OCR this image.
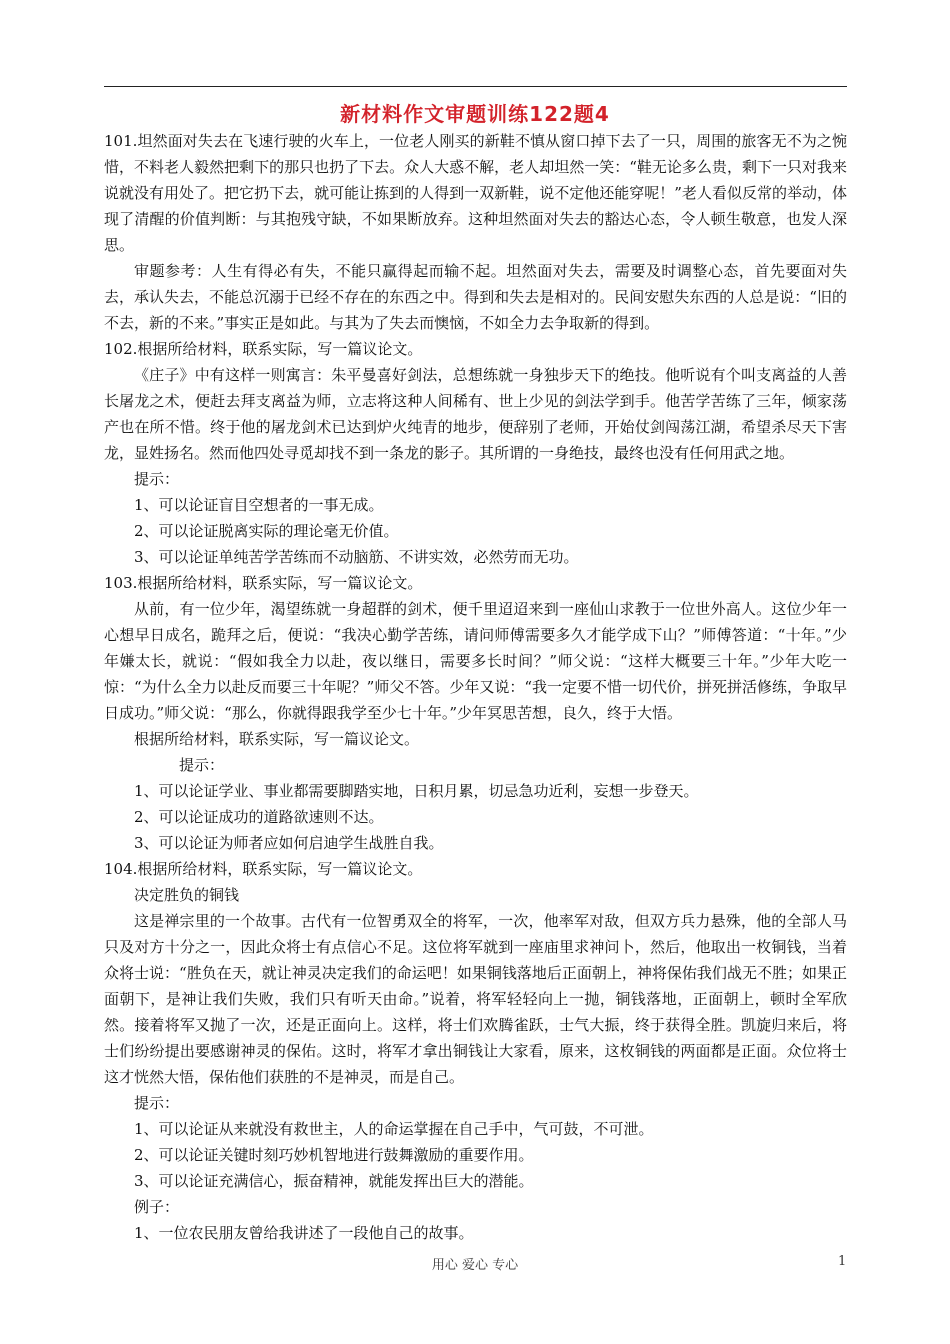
新材料作文审题训练122题4

101.坦然面对失去在飞速行驶的火车上，一位老人刚买的新鞋不慎从窗口掉下去了一只，周围的旅客无不为之惋惜，不料老人毅然把剩下的那只也扔了下去。众人大惑不解，老人却坦然一笑：“鞋无论多么贵，剩下一只对我来说就没有用处了。把它扔下去，就可能让拣到的人得到一双新鞋，说不定他还能穿呢！”老人看似反常的举动，体现了清醒的价值判断：与其抱残守缺，不如果断放弃。这种坦然面对失去的豁达心态，令人顿生敬意，也发人深思。

审题参考：人生有得必有失，不能只赢得起而输不起。坦然面对失去，需要及时调整心态，首先要面对失去，承认失去，不能总沉溺于已经不存在的东西之中。得到和失去是相对的。民间安慰失东西的人总是说：“旧的不去，新的不来。”事实正是如此。与其为了失去而懊恼，不如全力去争取新的得到。

102.根据所给材料，联系实际，写一篇议论文。

《庄子》中有这样一则寓言：朱平曼喜好剑法，总想练就一身独步天下的绝技。他听说有个叫支离益的人善长屠龙之术，便赶去拜支离益为师，立志将这种人间稀有、世上少见的剑法学到手。他苦学苦练了三年，倾家荡产也在所不惜。终于他的屠龙剑术已达到炉火纯青的地步，便辞别了老师，开始仗剑闯荡江湖，希望杀尽天下害龙，显姓扬名。然而他四处寻觅却找不到一条龙的影子。其所谓的一身绝技，最终也没有任何用武之地。

提示：

1、可以论证盲目空想者的一事无成。

2、可以论证脱离实际的理论毫无价值。

3、可以论证单纯苦学苦练而不动脑筋、不讲实效，必然劳而无功。

103.根据所给材料，联系实际，写一篇议论文。

从前，有一位少年，渴望练就一身超群的剑术，便千里迢迢来到一座仙山求教于一位世外高人。这位少年一心想早日成名，跪拜之后，便说：“我决心勤学苦练，请问师傅需要多久才能学成下山？”师傅答道：“十年。”少年嫌太长，就说：“假如我全力以赴，夜以继日，需要多长时间？”师父说：“这样大概要三十年。”少年大吃一惊：“为什么全力以赴反而要三十年呢？”师父不答。少年又说：“我一定要不惜一切代价，拼死拼活修练，争取早日成功。”师父说：“那么，你就得跟我学至少七十年。”少年冥思苦想，良久，终于大悟。

根据所给材料，联系实际，写一篇议论文。

提示：

1、可以论证学业、事业都需要脚踏实地，日积月累，切忌急功近利，妄想一步登天。

2、可以论证成功的道路欲速则不达。

3、可以论证为师者应如何启迪学生战胜自我。

104.根据所给材料，联系实际，写一篇议论文。

决定胜负的铜钱

这是禅宗里的一个故事。古代有一位智勇双全的将军，一次，他率军对敌，但双方兵力悬殊，他的全部人马只及对方十分之一，因此众将士有点信心不足。这位将军就到一座庙里求神问卜，然后，他取出一枚铜钱，当着众将士说：“胜负在天，就让神灵决定我们的命运吧！如果铜钱落地后正面朝上，神将保佑我们战无不胜；如果正面朝下，是神让我们失败，我们只有听天由命。”说着，将军轻轻向上一抛，铜钱落地，正面朝上，顿时全军欣然。接着将军又抛了一次，还是正面向上。这样，将士们欢腾雀跃，士气大振，终于获得全胜。凯旋归来后，将士们纷纷提出要感谢神灵的保佑。这时，将军才拿出铜钱让大家看，原来，这枚铜钱的两面都是正面。众位将士这才恍然大悟，保佑他们获胜的不是神灵，而是自己。

提示：

1、可以论证从来就没有救世主，人的命运掌握在自己手中，气可鼓，不可泄。

2、可以论证关键时刻巧妙机智地进行鼓舞激励的重要作用。

3、可以论证充满信心，振奋精神，就能发挥出巨大的潜能。

例子：

1、一位农民朋友曾给我讲述了一段他自己的故事。

用心 爱心 专心	1
